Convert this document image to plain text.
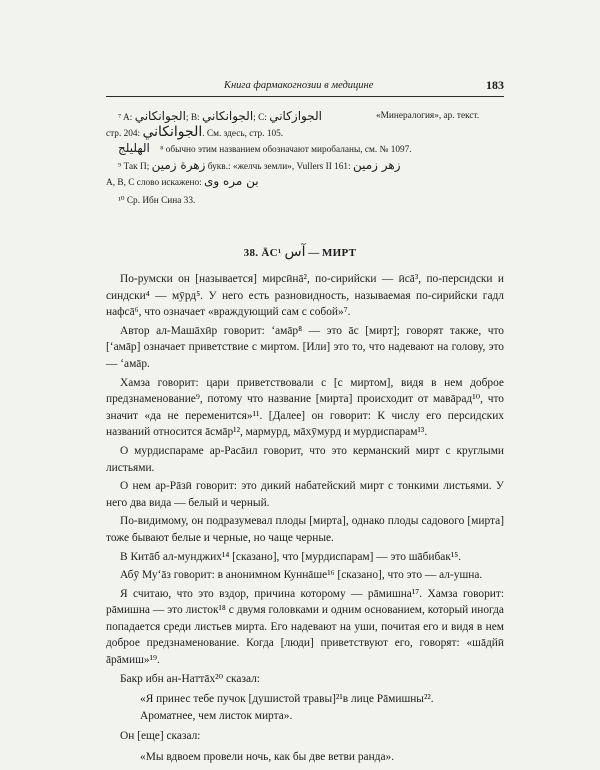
Книга фармакогнозии в медицине	183
⁷ A: الجوانكاني; B: الجوانكاني; C: الجوازكاني	«Минералогия», ар. текст.
стр. 204: الجوانكاني. См. здесь, стр. 105.
الهليلج ⁸ обычно этим названием обозначают миробаланы, см. № 1097.
⁹ Так П; زهرة زمين букв.: «желчь земли», Vullers II 161: زهر زمين
A, B, C слово искажено: بن مره وى
¹⁰ Ср. Ибн Сина 33.
38. ĀC¹ آس — МИРТ

По-румски он [называется] мирсӣнā², по-сирийски — ӣсā³, по-персидски и синдски⁴ — мӯрд⁵. У него есть разновидность, называемая по-сирийски гадл нафсā⁶, что означает «враждующий сам с собой»⁷.

Автор ал-Машāхӣр говорит: ‘амāр⁸ — это āс [мирт]; говорят также, что [‘амāр] означает приветствие с миртом. [Или] это то, что надевают на голову, это — ‘амāр.

Хамза говорит: цари приветствовали с [с миртом], видя в нем доброе предзнаменование⁹, потому что название [мирта] происходит от мавāрад¹⁰, что значит «да не переменится»¹¹. [Далее] он говорит: К числу его персидских названий относится āсмāр¹², мармурд, мāхӯмурд и мурдиспарам¹³.

О мурдиспараме ар-Расāил говорит, что это керманский мирт с круглыми листьями.

О нем ар-Рāзӣ говорит: это дикий набатейский мирт с тонкими листьями. У него два вида — белый и черный.

По-видимому, он подразумевал плоды [мирта], однако плоды садового [мирта] тоже бывают белые и черные, но чаще черные.

В Китāб ал-мунджих¹⁴ [сказано], что [мурдиспарам] — это шāбибак¹⁵.

Абӯ Му‘āз говорит: в анонимном Куннāше¹⁶ [сказано], что это — ал-ушна.

Я считаю, что это вздор, причина которому — рāмишна¹⁷. Хамза говорит: рāмишна — это листок¹⁸ с двумя головками и одним основанием, который иногда попадается среди листьев мирта. Его надевают на уши, почитая его и видя в нем доброе предзнаменование. Когда [люди] приветствуют его, говорят: «шāдйӣ āрāмиш»¹⁹.

Бакр ибн ан-Наттāх²⁰ сказал:

«Я принес тебе пучок [душистой травы]²¹в лице Рāмишны²².
Ароматнее, чем листок мирта».

Он [еще] сказал:

«Мы вдвоем провели ночь, как бы две ветви ранда».
